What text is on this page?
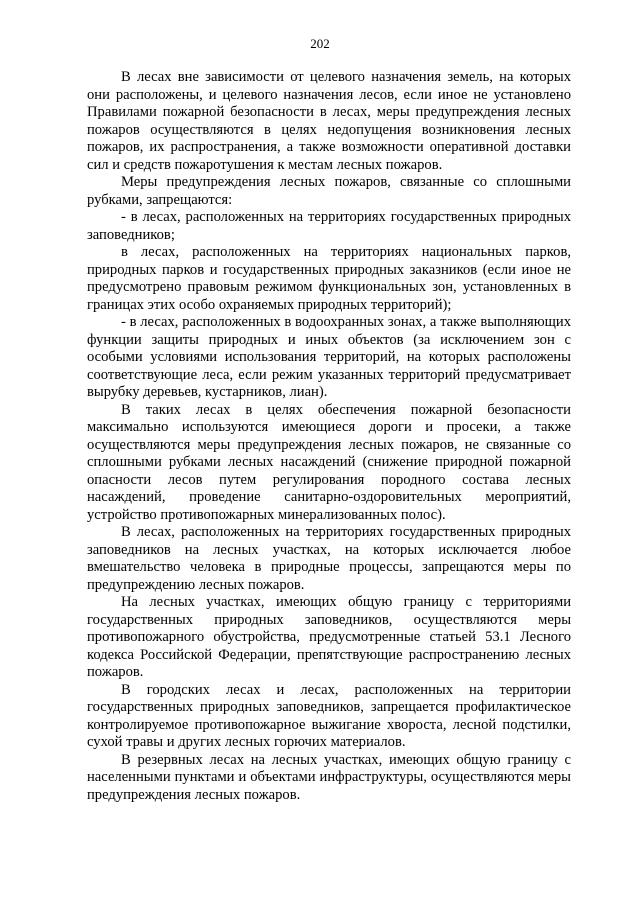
202

В лесах вне зависимости от целевого назначения земель, на которых они расположены, и целевого назначения лесов, если иное не установлено Правилами пожарной безопасности в лесах, меры предупреждения лесных пожаров осуществляются в целях недопущения возникновения лесных пожаров, их распространения, а также возможности оперативной доставки сил и средств пожаротушения к местам лесных пожаров.

Меры предупреждения лесных пожаров, связанные со сплошными рубками, запрещаются:

- в лесах, расположенных на территориях государственных природных заповедников;

в лесах, расположенных на территориях национальных парков, природных парков и государственных природных заказников (если иное не предусмотрено правовым режимом функциональных зон, установленных в границах этих особо охраняемых природных территорий);

- в лесах, расположенных в водоохранных зонах, а также выполняющих функции защиты природных и иных объектов (за исключением зон с особыми условиями использования территорий, на которых расположены соответствующие леса, если режим указанных территорий предусматривает вырубку деревьев, кустарников, лиан).

В таких лесах в целях обеспечения пожарной безопасности максимально используются имеющиеся дороги и просеки, а также осуществляются меры предупреждения лесных пожаров, не связанные со сплошными рубками лесных насаждений (снижение природной пожарной опасности лесов путем регулирования породного состава лесных насаждений, проведение санитарно-оздоровительных мероприятий, устройство противопожарных минерализованных полос).

В лесах, расположенных на территориях государственных природных заповедников на лесных участках, на которых исключается любое вмешательство человека в природные процессы, запрещаются меры по предупреждению лесных пожаров.

На лесных участках, имеющих общую границу с территориями государственных природных заповедников, осуществляются меры противопожарного обустройства, предусмотренные статьей 53.1 Лесного кодекса Российской Федерации, препятствующие распространению лесных пожаров.

В городских лесах и лесах, расположенных на территории государственных природных заповедников, запрещается профилактическое контролируемое противопожарное выжигание хвороста, лесной подстилки, сухой травы и других лесных горючих материалов.

В резервных лесах на лесных участках, имеющих общую границу с населенными пунктами и объектами инфраструктуры, осуществляются меры предупреждения лесных пожаров.
